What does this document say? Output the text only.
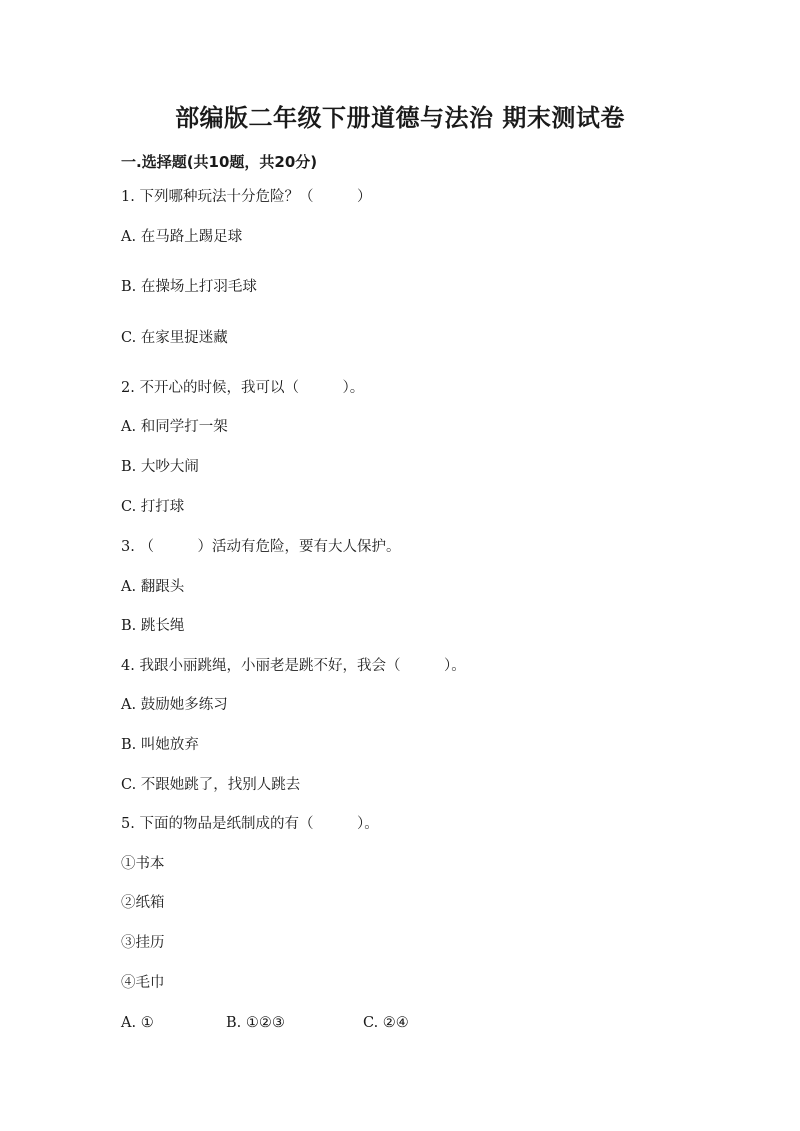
部编版二年级下册道德与法治 期末测试卷
一.选择题(共10题，共20分)
1. 下列哪种玩法十分危险？（　　　）
A. 在马路上踢足球
B. 在操场上打羽毛球
C. 在家里捉迷藏
2. 不开心的时候，我可以（　　　）。
A. 和同学打一架
B. 大吵大闹
C. 打打球
3. （　　　）活动有危险，要有大人保护。
A. 翻跟头
B. 跳长绳
4. 我跟小丽跳绳，小丽老是跳不好，我会（　　　）。
A. 鼓励她多练习
B. 叫她放弃
C. 不跟她跳了，找别人跳去
5. 下面的物品是纸制成的有（　　　）。
①书本
②纸箱
③挂历
④毛巾
A. ①	B. ①②③	C. ②④
